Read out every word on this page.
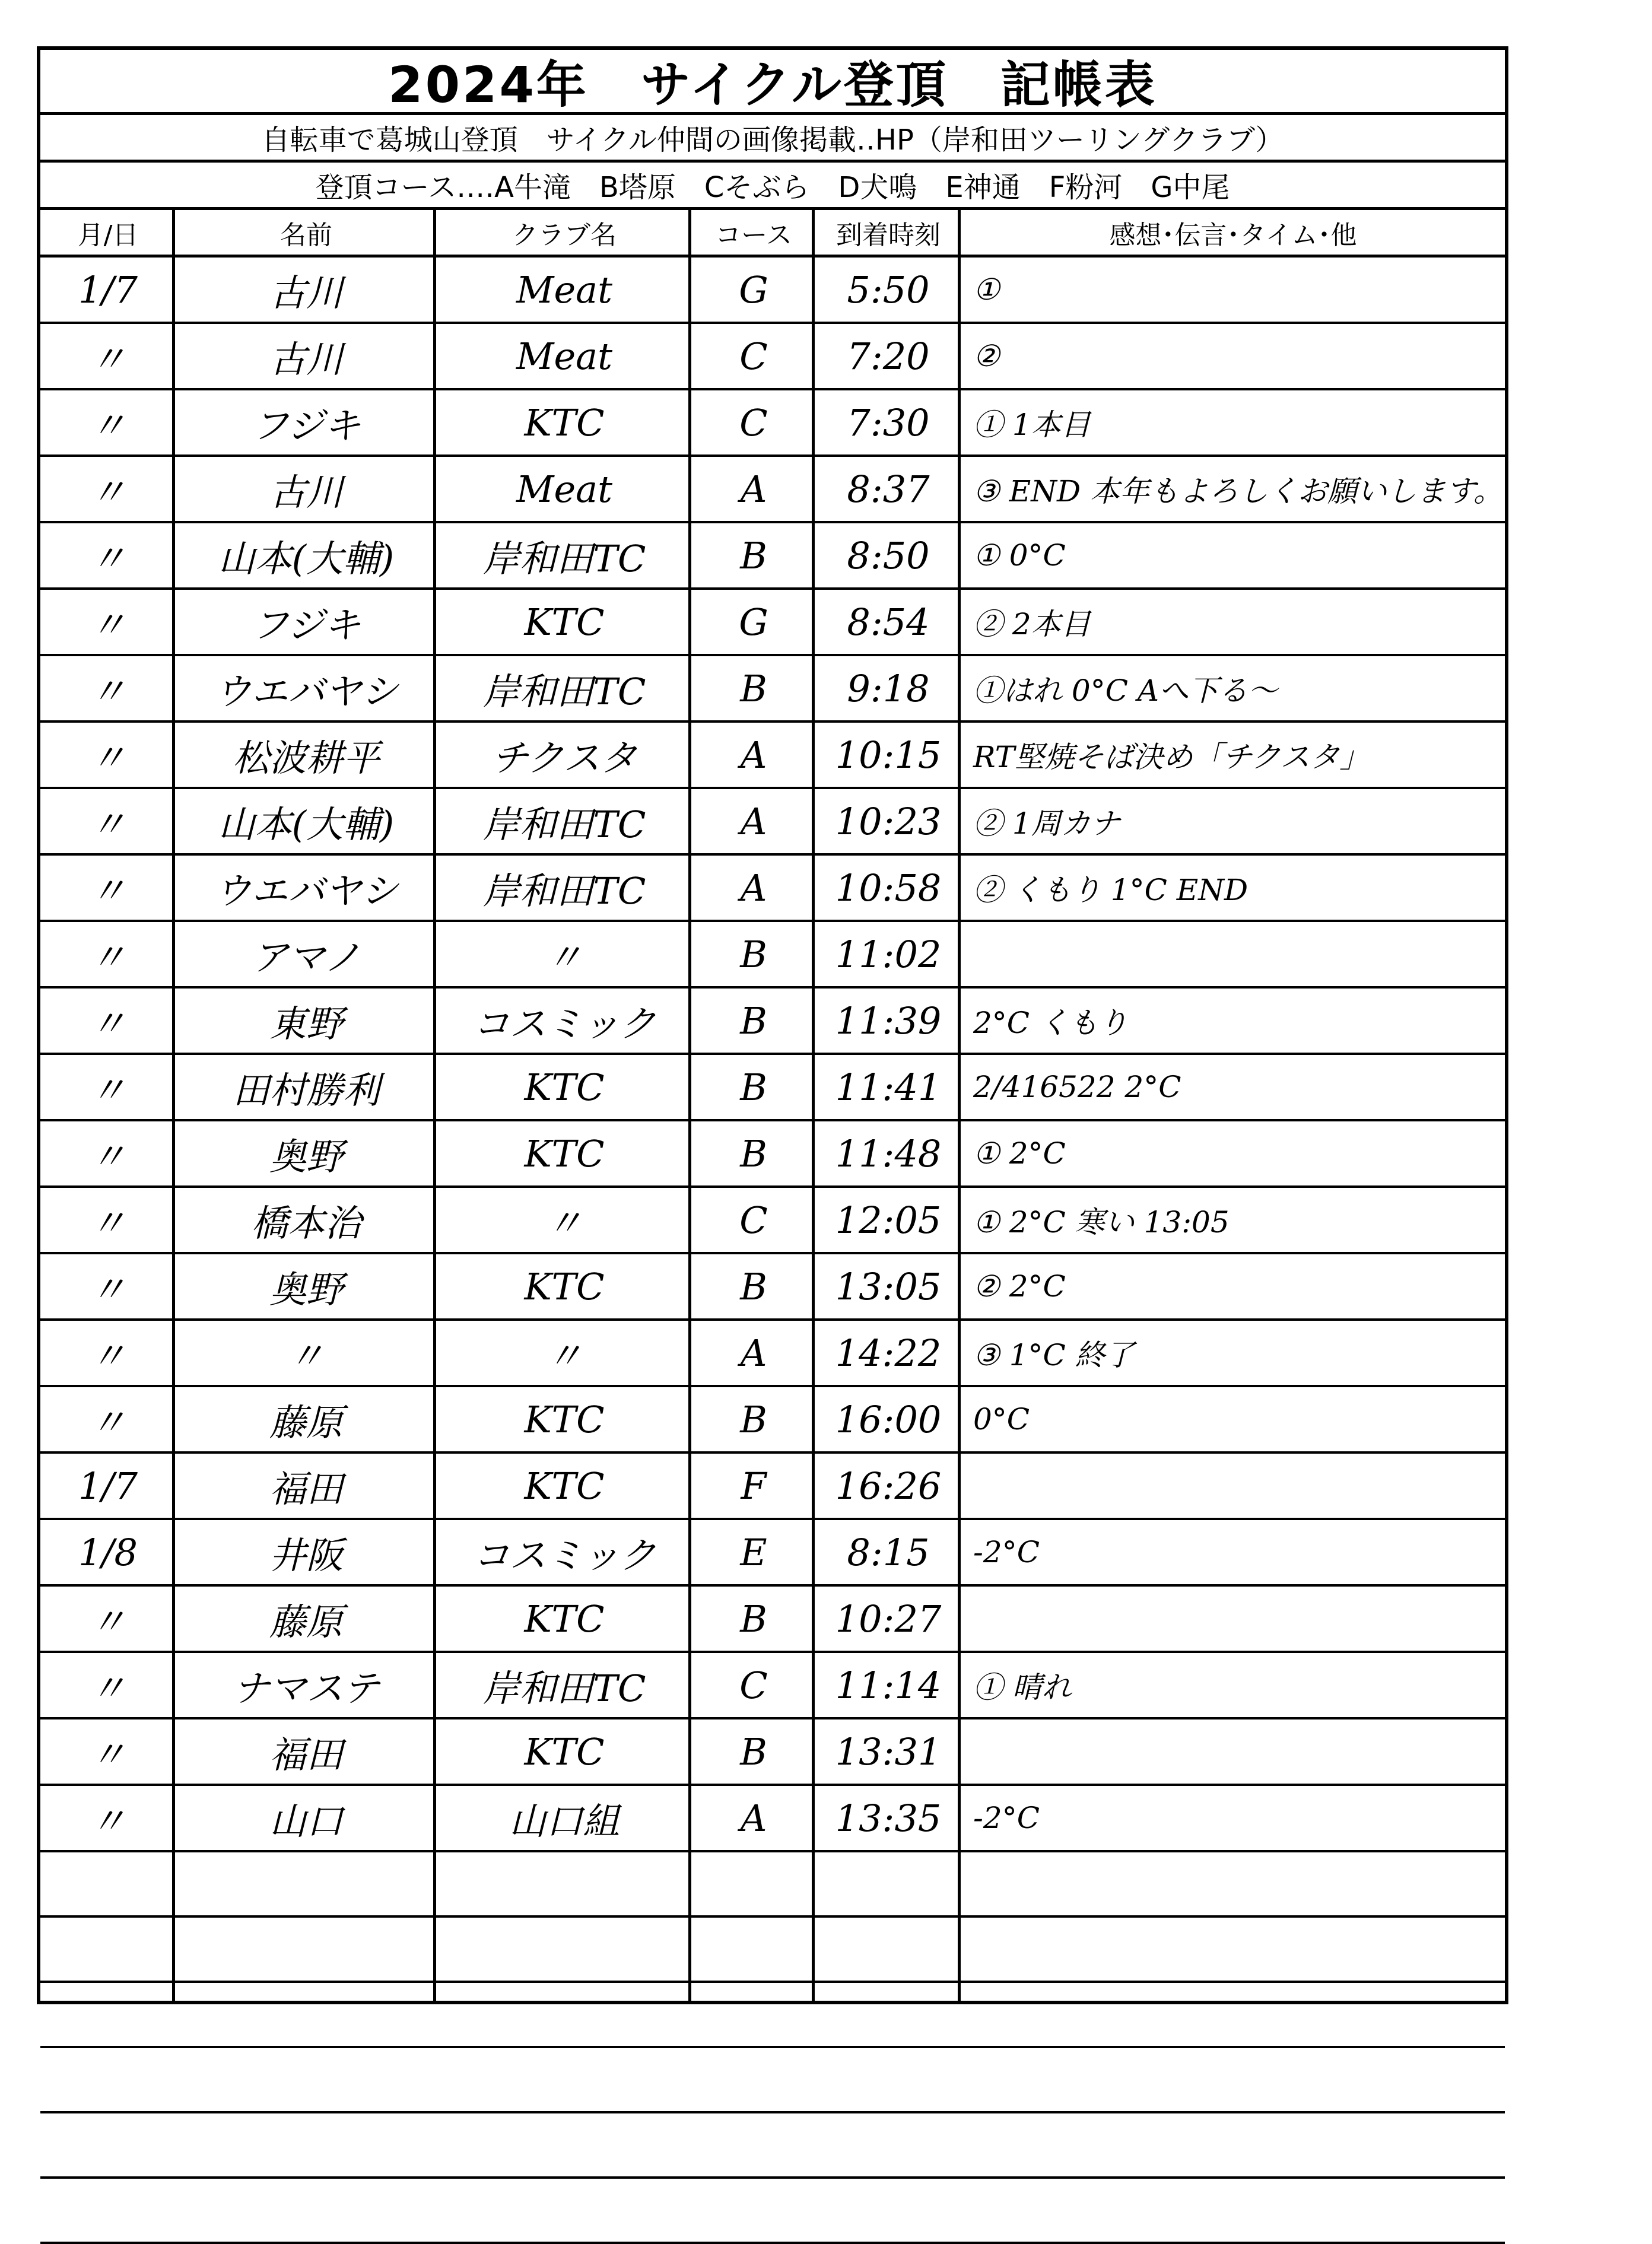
2024年　サイクル登頂　記帳表
自転車で葛城山登頂　サイクル仲間の画像掲載‥HP（岸和田ツーリングクラブ）
登頂コース‥‥A牛滝　B塔原　Cそぶら　D犬鳴　E神通　F粉河　G中尾
月/日	名前	クラブ名	コース	到着時刻	感想･伝言･タイム･他
1/7	古川	Meat	G	5:50	①
〃	古川	Meat	C	7:20	②
〃	フジキ	KTC	C	7:30	① 1本目
〃	古川	Meat	A	8:37	③ END 本年もよろしくお願いします。
〃	山本(大輔)	岸和田TC	B	8:50	① 0°C
〃	フジキ	KTC	G	8:54	② 2本目
〃	ウエバヤシ	岸和田TC	B	9:18	①はれ 0°C Aへ下る～
〃	松波耕平	チクスタ	A	10:15	RT堅焼そば決め「チクスタ」
〃	山本(大輔)	岸和田TC	A	10:23	② 1周カナ
〃	ウエバヤシ	岸和田TC	A	10:58	② くもり 1°C END
〃	アマノ	〃	B	11:02
〃	東野	コスミック	B	11:39	2°C くもり
〃	田村勝利	KTC	B	11:41	2/416522 2°C
〃	奥野	KTC	B	11:48	① 2°C
〃	橋本治	〃	C	12:05	① 2°C 寒い 13:05
〃	奥野	KTC	B	13:05	② 2°C
〃	〃	〃	A	14:22	③ 1°C 終了
〃	藤原	KTC	B	16:00	0°C
1/7	福田	KTC	F	16:26
1/8	井阪	コスミック	E	8:15	-2°C
〃	藤原	KTC	B	10:27
〃	ナマステ	岸和田TC	C	11:14	① 晴れ
〃	福田	KTC	B	13:31
〃	山口	山口組	A	13:35	-2°C
